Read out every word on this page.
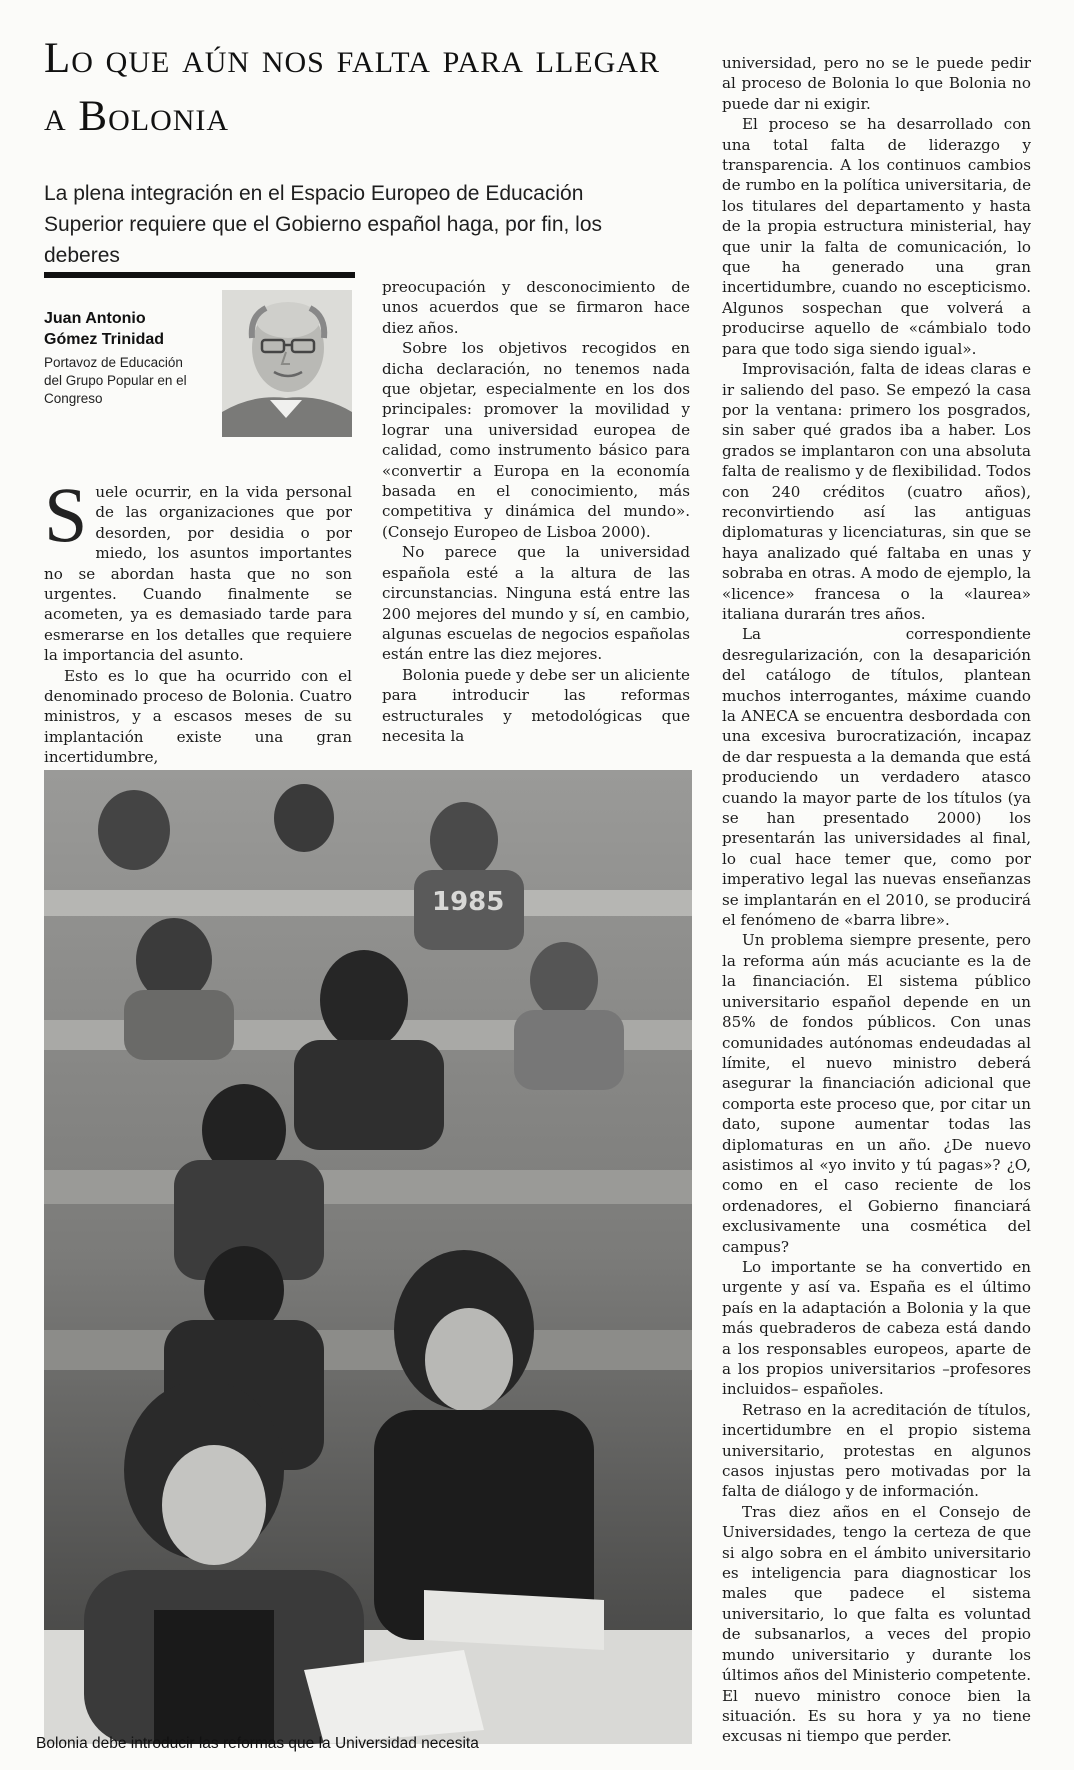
Lo que aún nos falta para llegar a Bolonia

La plena integración en el Espacio Europeo de Educación Superior requiere que el Gobierno español haga, por fin, los deberes

Juan Antonio
Gómez Trinidad

Portavoz de Educación del Grupo Popular en el Congreso

Suele ocurrir, en la vida personal de las organizaciones que por desorden, por desidia o por miedo, los asuntos importantes no se abordan hasta que no son urgentes. Cuando finalmente se acometen, ya es demasiado tarde para esmerarse en los detalles que requiere la importancia del asunto.

Esto es lo que ha ocurrido con el denominado proceso de Bolonia. Cuatro ministros, y a escasos meses de su implantación existe una gran incertidumbre,

preocupación y desconocimiento de unos acuerdos que se firmaron hace diez años.

Sobre los objetivos recogidos en dicha declaración, no tenemos nada que objetar, especialmente en los dos principales: promover la movilidad y lograr una universidad europea de calidad, como instrumento básico para «convertir a Europa en la economía basada en el conocimiento, más competitiva y dinámica del mundo». (Consejo Europeo de Lisboa 2000).

No parece que la universidad española esté a la altura de las circunstancias. Ninguna está entre las 200 mejores del mundo y sí, en cambio, algunas escuelas de negocios españolas están entre las diez mejores.

Bolonia puede y debe ser un aliciente para introducir las reformas estructurales y metodológicas que necesita la

universidad, pero no se le puede pedir al proceso de Bolonia lo que Bolonia no puede dar ni exigir.

El proceso se ha desarrollado con una total falta de liderazgo y transparencia. A los continuos cambios de rumbo en la política universitaria, de los titulares del departamento y hasta de la propia estructura ministerial, hay que unir la falta de comunicación, lo que ha generado una gran incertidumbre, cuando no escepticismo. Algunos sospechan que volverá a producirse aquello de «cámbialo todo para que todo siga siendo igual».

Improvisación, falta de ideas claras e ir saliendo del paso. Se empezó la casa por la ventana: primero los posgrados, sin saber qué grados iba a haber. Los grados se implantaron con una absoluta falta de realismo y de flexibilidad. Todos con 240 créditos (cuatro años), reconvirtiendo así las antiguas diplomaturas y licenciaturas, sin que se haya analizado qué faltaba en unas y sobraba en otras. A modo de ejemplo, la «licence» francesa o la «laurea» italiana durarán tres años.

La correspondiente desregularización, con la desaparición del catálogo de títulos, plantean muchos interrogantes, máxime cuando la ANECA se encuentra desbordada con una excesiva burocratización, incapaz de dar respuesta a la demanda que está produciendo un verdadero atasco cuando la mayor parte de los títulos (ya se han presentado 2000) los presentarán las universidades al final, lo cual hace temer que, como por imperativo legal las nuevas enseñanzas se implantarán en el 2010, se producirá el fenómeno de «barra libre».

Un problema siempre presente, pero la reforma aún más acuciante es la de la financiación. El sistema público universitario español depende en un 85% de fondos públicos. Con unas comunidades autónomas endeudadas al límite, el nuevo ministro deberá asegurar la financiación adicional que comporta este proceso que, por citar un dato, supone aumentar todas las diplomaturas en un año. ¿De nuevo asistimos al «yo invito y tú pagas»? ¿O, como en el caso reciente de los ordenadores, el Gobierno financiará exclusivamente una cosmética del campus?

Lo importante se ha convertido en urgente y así va. España es el último país en la adaptación a Bolonia y la que más quebraderos de cabeza está dando a los responsables europeos, aparte de a los propios universitarios –profesores incluidos– españoles.

Retraso en la acreditación de títulos, incertidumbre en el propio sistema universitario, protestas en algunos casos injustas pero motivadas por la falta de diálogo y de información.

Tras diez años en el Consejo de Universidades, tengo la certeza de que si algo sobra en el ámbito universitario es inteligencia para diagnosticar los males que padece el sistema universitario, lo que falta es voluntad de subsanarlos, a veces del propio mundo universitario y durante los últimos años del Ministerio competente. El nuevo ministro conoce bien la situación. Es su hora y ya no tiene excusas ni tiempo que perder.

1985

Bolonia debe introducir las reformas que la Universidad necesita
